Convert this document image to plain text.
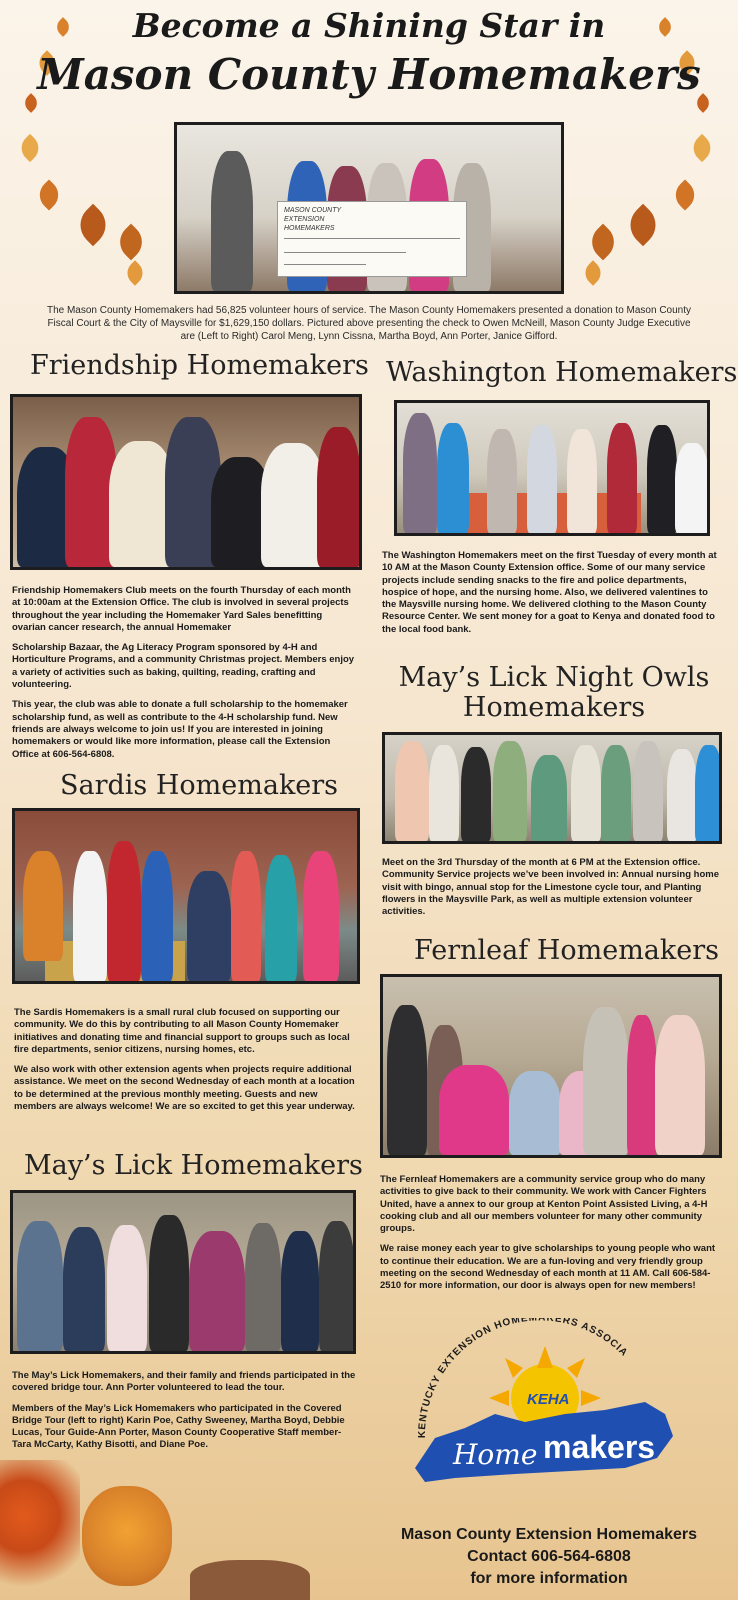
Become a Shining Star in
Mason County Homemakers
MASON COUNTY EXTENSION HOMEMAKERS
The Mason County Homemakers had 56,825 volunteer hours of service. The Mason County Homemakers presented a donation to Mason County Fiscal Court & the City of Maysville for $1,629,150 dollars. Pictured above presenting the check to Owen McNeill, Mason County Judge Executive are (Left to Right) Carol Meng, Lynn Cissna, Martha Boyd, Ann Porter, Janice Gifford.
Friendship Homemakers

Friendship Homemakers Club meets on the fourth Thursday of each month at 10:00am at the Extension Office. The club is involved in several projects throughout the year including the Homemaker Yard Sales benefitting ovarian cancer research, the annual Homemaker

Scholarship Bazaar, the Ag Literacy Program sponsored by 4-H and Horticulture Programs, and a community Christmas project. Members enjoy a variety of activities such as baking, quilting, reading, crafting and volunteering.

This year, the club was able to donate a full scholarship to the homemaker scholarship fund, as well as contribute to the 4-H scholarship fund. New friends are always welcome to join us! If you are interested in joining homemakers or would like more information, please call the Extension Office at 606-564-6808.

Sardis Homemakers

The Sardis Homemakers is a small rural club focused on supporting our community. We do this by contributing to all Mason County Homemaker initiatives and donating time and financial support to groups such as local fire departments, senior citizens, nursing homes, etc.

We also work with other extension agents when projects require additional assistance. We meet on the second Wednesday of each month at a location to be determined at the previous monthly meeting. Guests and new members are always welcome! We are so excited to get this year underway.

May’s Lick Homemakers

The May’s Lick Homemakers, and their family and friends participated in the covered bridge tour. Ann Porter volunteered to lead the tour.

Members of the May’s Lick Homemakers who participated in the Covered Bridge Tour (left to right) Karin Poe, Cathy Sweeney, Martha Boyd, Debbie Lucas, Tour Guide-Ann Porter, Mason County Cooperative Staff member-Tara McCarty, Kathy Bisotti, and Diane Poe.

Washington Homemakers

The Washington Homemakers meet on the first Tuesday of every month at 10 AM at the Mason County Extension office. Some of our many service projects include sending snacks to the fire and police departments, hospice of hope, and the nursing home. Also, we delivered valentines to the Maysville nursing home. We delivered clothing to the Mason County Resource Center. We sent money for a goat to Kenya and donated food to the local food bank.

May’s Lick Night Owls
Homemakers

Meet on the 3rd Thursday of the month at 6 PM at the Extension office. Community Service projects we’ve been involved in: Annual nursing home visit with bingo, annual stop for the Limestone cycle tour, and Planting flowers in the Maysville Park, as well as multiple extension volunteer activities.

Fernleaf Homemakers

The Fernleaf Homemakers are a community service group who do many activities to give back to their community. We work with Cancer Fighters United, have a annex to our group at Kenton Point Assisted Living, a 4-H cooking club and all our members volunteer for many other community groups.

We raise money each year to give scholarships to young people who want to continue their education. We are a fun-loving and very friendly group meeting on the second Wednesday of each month at 11 AM. Call 606-584-2510 for more information, our door is always open for new members!

KENTUCKY EXTENSION HOMEM KERS ASSOCIA
KEHA
Home makers
Mason County Extension Homemakers
Contact 606-564-6808
for more information
